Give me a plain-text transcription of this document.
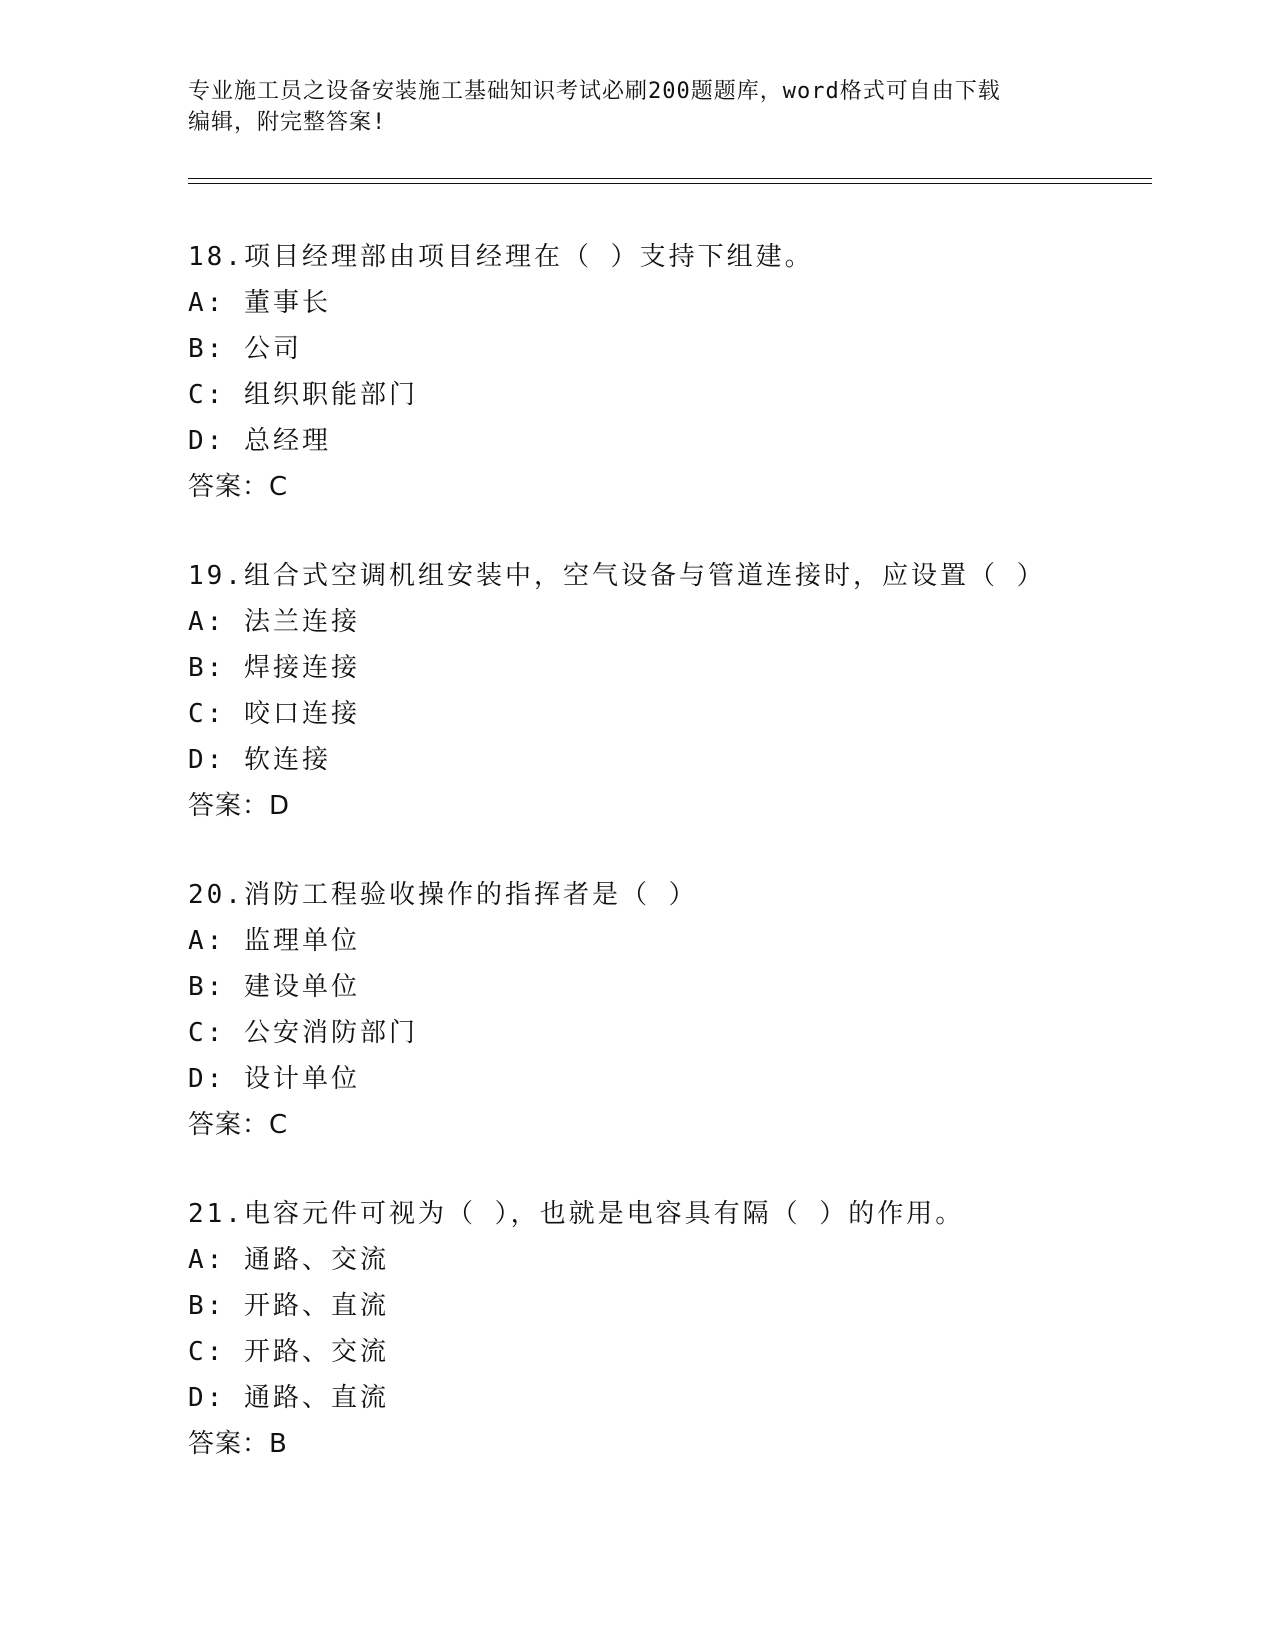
专业施工员之设备安装施工基础知识考试必刷200题题库，word格式可自由下载
编辑，附完整答案!
18.项目经理部由项目经理在（ ）支持下组建。
A: 董事长
B: 公司
C: 组织职能部门
D: 总经理
答案：C
19.组合式空调机组安装中，空气设备与管道连接时，应设置（ ）
A: 法兰连接
B: 焊接连接
C: 咬口连接
D: 软连接
答案：D
20.消防工程验收操作的指挥者是（ ）
A: 监理单位
B: 建设单位
C: 公安消防部门
D: 设计单位
答案：C
21.电容元件可视为（ ），也就是电容具有隔（ ）的作用。
A: 通路、交流
B: 开路、直流
C: 开路、交流
D: 通路、直流
答案：B
